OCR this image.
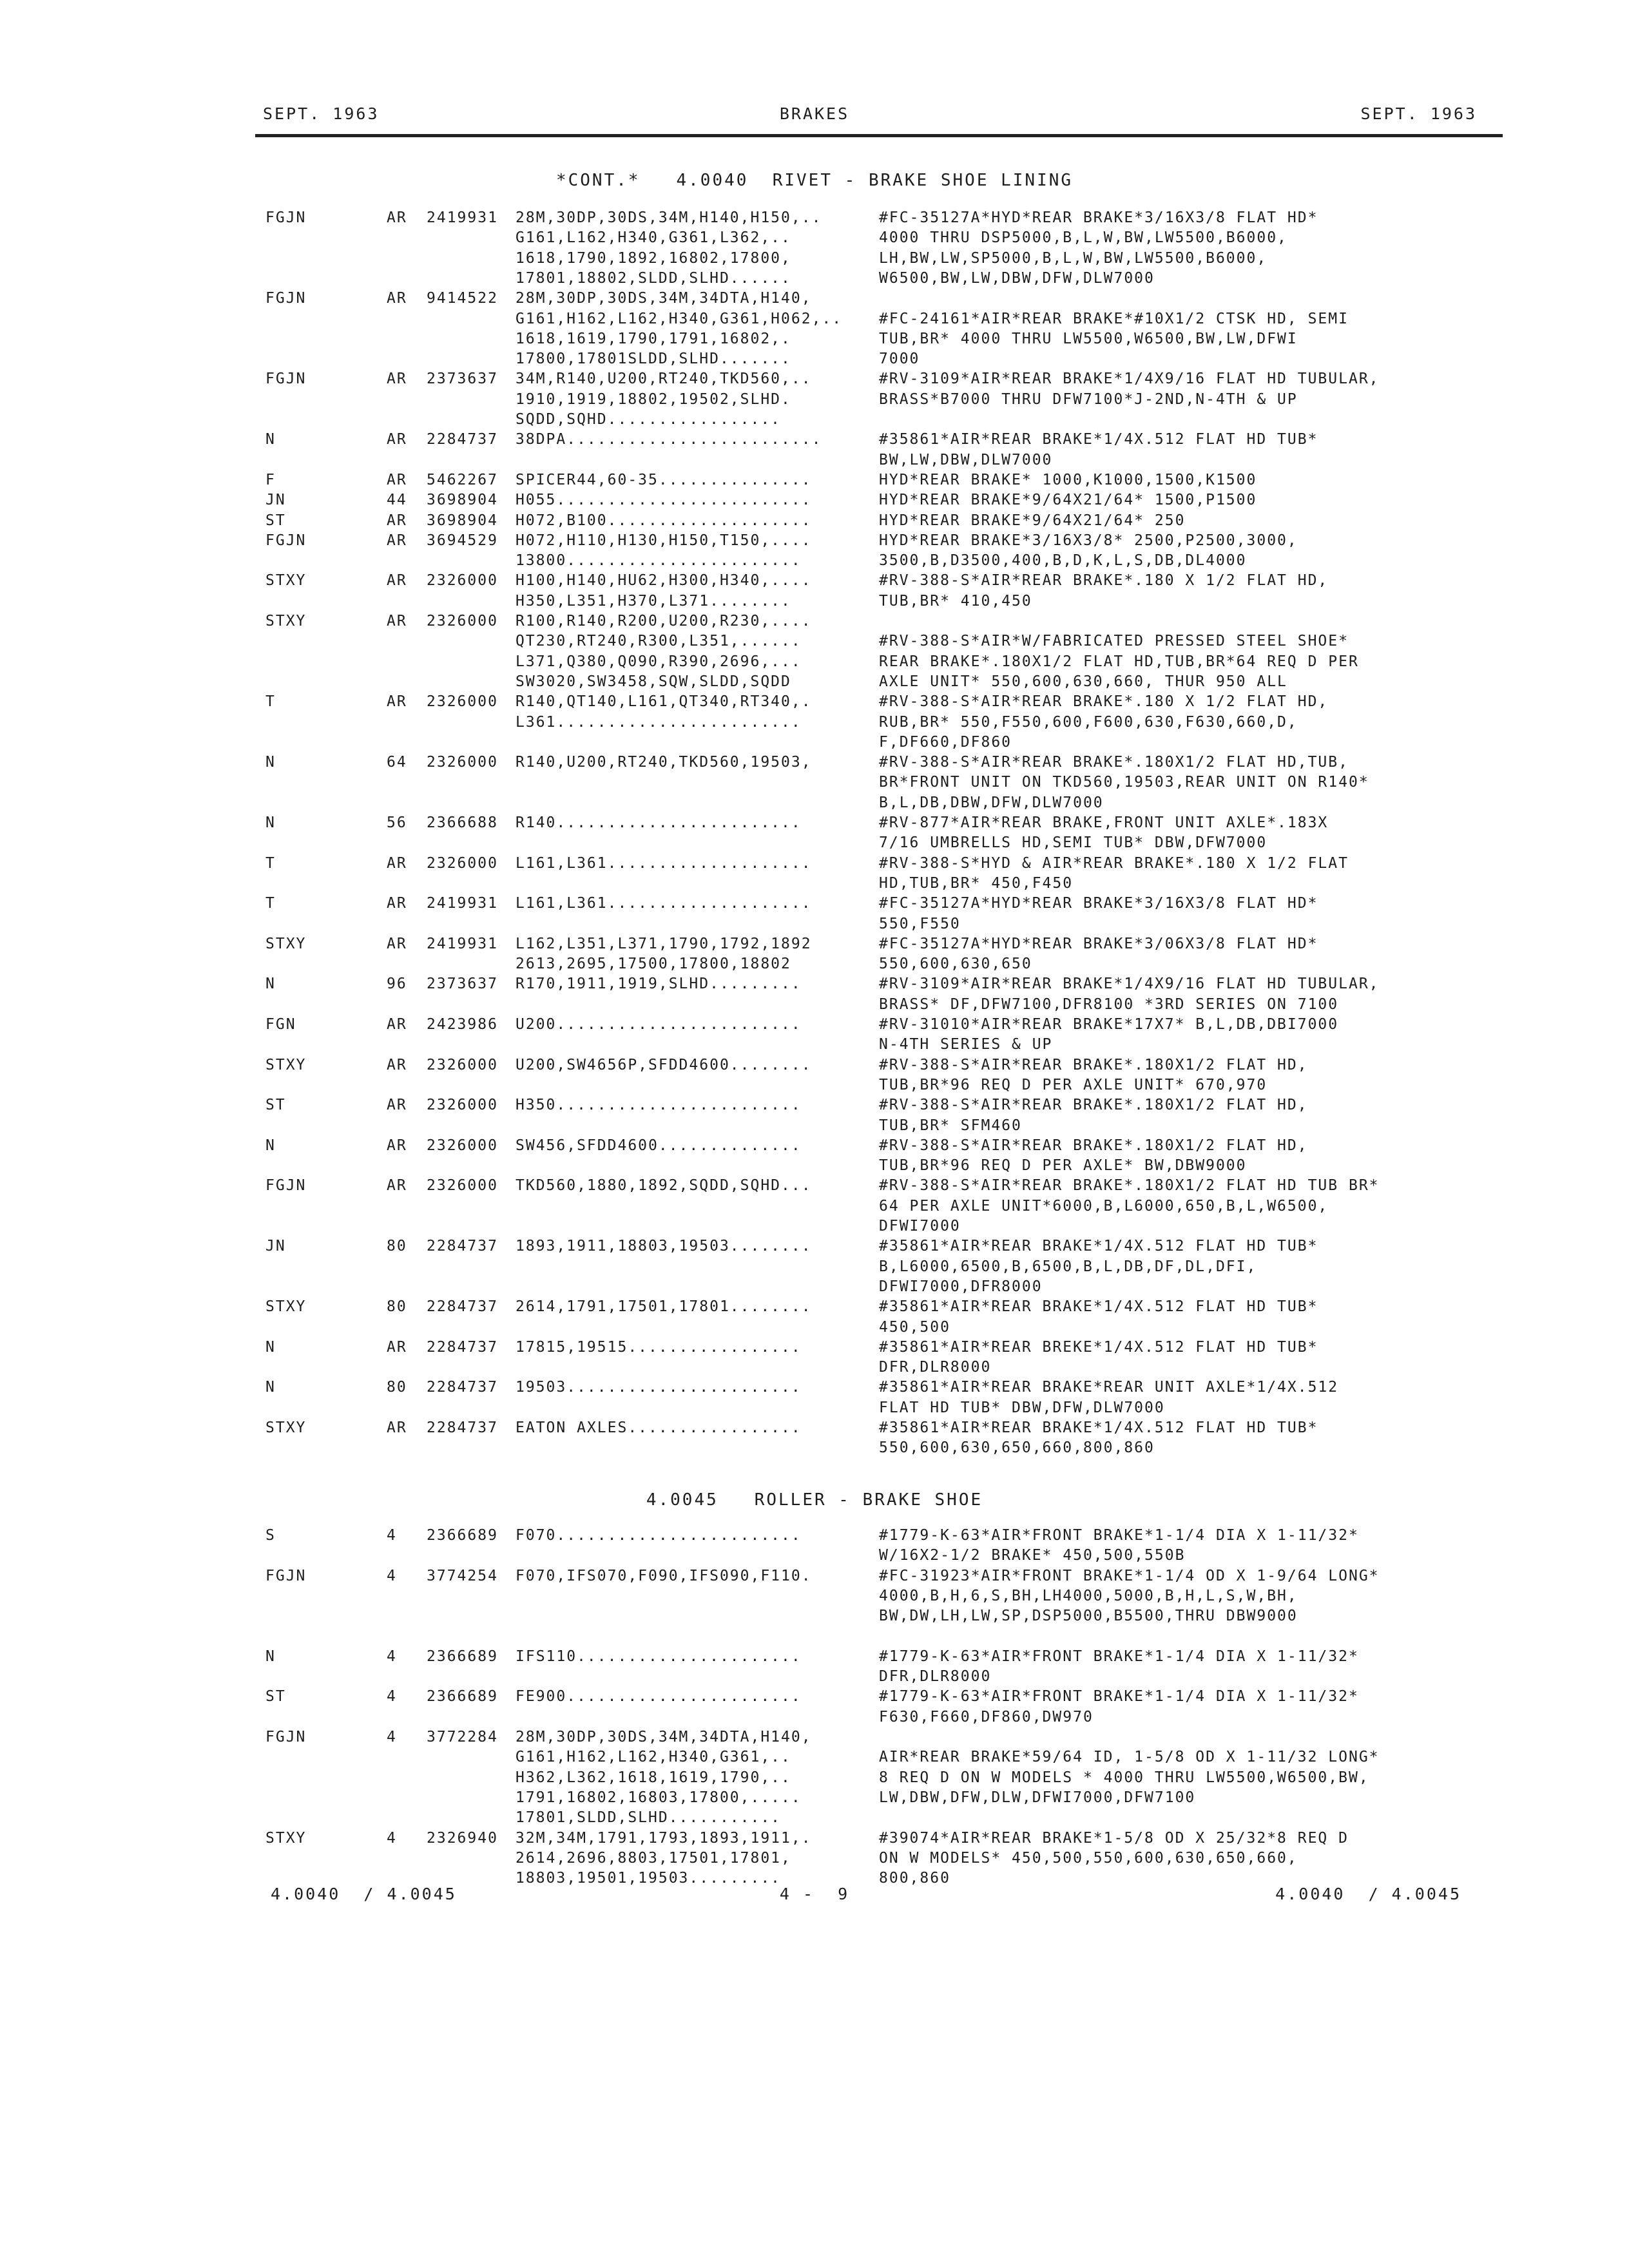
SEPT. 1963	BRAKES	SEPT. 1963
*CONT.*   4.0040  RIVET - BRAKE SHOE LINING
FGJN	AR 2419931 28M,30DP,30DS,34M,H140,H150,..	#FC-35127A*HYD*REAR BRAKE*3/16X3/8 FLAT HD*
G161,L162,H340,G361,L362,..	4000 THRU DSP5000,B,L,W,BW,LW5500,B6000,
1618,1790,1892,16802,17800,	LH,BW,LW,SP5000,B,L,W,BW,LW5500,B6000,
17801,18802,SLDD,SLHD......	W6500,BW,LW,DBW,DFW,DLW7000
FGJN	AR 9414522 28M,30DP,30DS,34M,34DTA,H140,
G161,H162,L162,H340,G361,H062,..	#FC-24161*AIR*REAR BRAKE*#10X1/2 CTSK HD, SEMI
1618,1619,1790,1791,16802,.	TUB,BR* 4000 THRU LW5500,W6500,BW,LW,DFWI
17800,17801SLDD,SLHD.......	7000
FGJN	AR 2373637 34M,R140,U200,RT240,TKD560,..	#RV-3109*AIR*REAR BRAKE*1/4X9/16 FLAT HD TUBULAR,
1910,1919,18802,19502,SLHD.	BRASS*B7000 THRU DFW7100*J-2ND,N-4TH & UP
SQDD,SQHD.................
N	AR 2284737 38DPA.........................	#35861*AIR*REAR BRAKE*1/4X.512 FLAT HD TUB*
BW,LW,DBW,DLW7000
F	AR 5462267 SPICER44,60-35...............	HYD*REAR BRAKE* 1000,K1000,1500,K1500
JN	44 3698904 H055.........................	HYD*REAR BRAKE*9/64X21/64* 1500,P1500
ST	AR 3698904 H072,B100....................	HYD*REAR BRAKE*9/64X21/64* 250
FGJN	AR 3694529 H072,H110,H130,H150,T150,....	HYD*REAR BRAKE*3/16X3/8* 2500,P2500,3000,
13800.......................	3500,B,D3500,400,B,D,K,L,S,DB,DL4000
STXY	AR 2326000 H100,H140,HU62,H300,H340,....	#RV-388-S*AIR*REAR BRAKE*.180 X 1/2 FLAT HD,
H350,L351,H370,L371........	TUB,BR* 410,450
STXY	AR 2326000 R100,R140,R200,U200,R230,....
QT230,RT240,R300,L351,......	#RV-388-S*AIR*W/FABRICATED PRESSED STEEL SHOE*
L371,Q380,Q090,R390,2696,...	REAR BRAKE*.180X1/2 FLAT HD,TUB,BR*64 REQ D PER
SW3020,SW3458,SQW,SLDD,SQDD	AXLE UNIT* 550,600,630,660, THUR 950 ALL
T	AR 2326000 R140,QT140,L161,QT340,RT340,.	#RV-388-S*AIR*REAR BRAKE*.180 X 1/2 FLAT HD,
L361........................	RUB,BR* 550,F550,600,F600,630,F630,660,D,
F,DF660,DF860
N	64 2326000 R140,U200,RT240,TKD560,19503,	#RV-388-S*AIR*REAR BRAKE*.180X1/2 FLAT HD,TUB,
BR*FRONT UNIT ON TKD560,19503,REAR UNIT ON R140*
B,L,DB,DBW,DFW,DLW7000
N	56 2366688 R140........................	#RV-877*AIR*REAR BRAKE,FRONT UNIT AXLE*.183X
7/16 UMBRELLS HD,SEMI TUB* DBW,DFW7000
T	AR 2326000 L161,L361....................	#RV-388-S*HYD & AIR*REAR BRAKE*.180 X 1/2 FLAT
HD,TUB,BR* 450,F450
T	AR 2419931 L161,L361....................	#FC-35127A*HYD*REAR BRAKE*3/16X3/8 FLAT HD*
550,F550
STXY	AR 2419931 L162,L351,L371,1790,1792,1892	#FC-35127A*HYD*REAR BRAKE*3/06X3/8 FLAT HD*
2613,2695,17500,17800,18802	550,600,630,650
N	96 2373637 R170,1911,1919,SLHD.........	#RV-3109*AIR*REAR BRAKE*1/4X9/16 FLAT HD TUBULAR,
BRASS* DF,DFW7100,DFR8100 *3RD SERIES ON 7100
FGN	AR 2423986 U200........................	#RV-31010*AIR*REAR BRAKE*17X7* B,L,DB,DBI7000
N-4TH SERIES & UP
STXY	AR 2326000 U200,SW4656P,SFDD4600........	#RV-388-S*AIR*REAR BRAKE*.180X1/2 FLAT HD,
TUB,BR*96 REQ D PER AXLE UNIT* 670,970
ST	AR 2326000 H350........................	#RV-388-S*AIR*REAR BRAKE*.180X1/2 FLAT HD,
TUB,BR* SFM460
N	AR 2326000 SW456,SFDD4600..............	#RV-388-S*AIR*REAR BRAKE*.180X1/2 FLAT HD,
TUB,BR*96 REQ D PER AXLE* BW,DBW9000
FGJN	AR 2326000 TKD560,1880,1892,SQDD,SQHD...	#RV-388-S*AIR*REAR BRAKE*.180X1/2 FLAT HD TUB BR*
64 PER AXLE UNIT*6000,B,L6000,650,B,L,W6500,
DFWI7000
JN	80 2284737 1893,1911,18803,19503........	#35861*AIR*REAR BRAKE*1/4X.512 FLAT HD TUB*
B,L6000,6500,B,6500,B,L,DB,DF,DL,DFI,
DFWI7000,DFR8000
STXY	80 2284737 2614,1791,17501,17801........	#35861*AIR*REAR BRAKE*1/4X.512 FLAT HD TUB*
450,500
N	AR 2284737 17815,19515.................	#35861*AIR*REAR BREKE*1/4X.512 FLAT HD TUB*
DFR,DLR8000
N	80 2284737 19503.......................	#35861*AIR*REAR BRAKE*REAR UNIT AXLE*1/4X.512
FLAT HD TUB* DBW,DFW,DLW7000
STXY	AR 2284737 EATON AXLES.................	#35861*AIR*REAR BRAKE*1/4X.512 FLAT HD TUB*
550,600,630,650,660,800,860
4.0045   ROLLER - BRAKE SHOE
S	4 2366689 F070........................	#1779-K-63*AIR*FRONT BRAKE*1-1/4 DIA X 1-11/32*
W/16X2-1/2 BRAKE* 450,500,550B
FGJN	4 3774254 F070,IFS070,F090,IFS090,F110.	#FC-31923*AIR*FRONT BRAKE*1-1/4 OD X 1-9/64 LONG*
4000,B,H,6,S,BH,LH4000,5000,B,H,L,S,W,BH,
BW,DW,LH,LW,SP,DSP5000,B5500,THRU DBW9000
N	4 2366689 IFS110......................	#1779-K-63*AIR*FRONT BRAKE*1-1/4 DIA X 1-11/32*
DFR,DLR8000
ST	4 2366689 FE900.......................	#1779-K-63*AIR*FRONT BRAKE*1-1/4 DIA X 1-11/32*
F630,F660,DF860,DW970
FGJN	4 3772284 28M,30DP,30DS,34M,34DTA,H140,
G161,H162,L162,H340,G361,..	AIR*REAR BRAKE*59/64 ID, 1-5/8 OD X 1-11/32 LONG*
H362,L362,1618,1619,1790,..	8 REQ D ON W MODELS * 4000 THRU LW5500,W6500,BW,
1791,16802,16803,17800,.....	LW,DBW,DFW,DLW,DFWI7000,DFW7100
17801,SLDD,SLHD...........
STXY	4 2326940 32M,34M,1791,1793,1893,1911,.	#39074*AIR*REAR BRAKE*1-5/8 OD X 25/32*8 REQ D
2614,2696,8803,17501,17801,	ON W MODELS* 450,500,550,600,630,650,660,
18803,19501,19503.........	800,860
4.0040  / 4.0045	4 -  9	4.0040  / 4.0045
